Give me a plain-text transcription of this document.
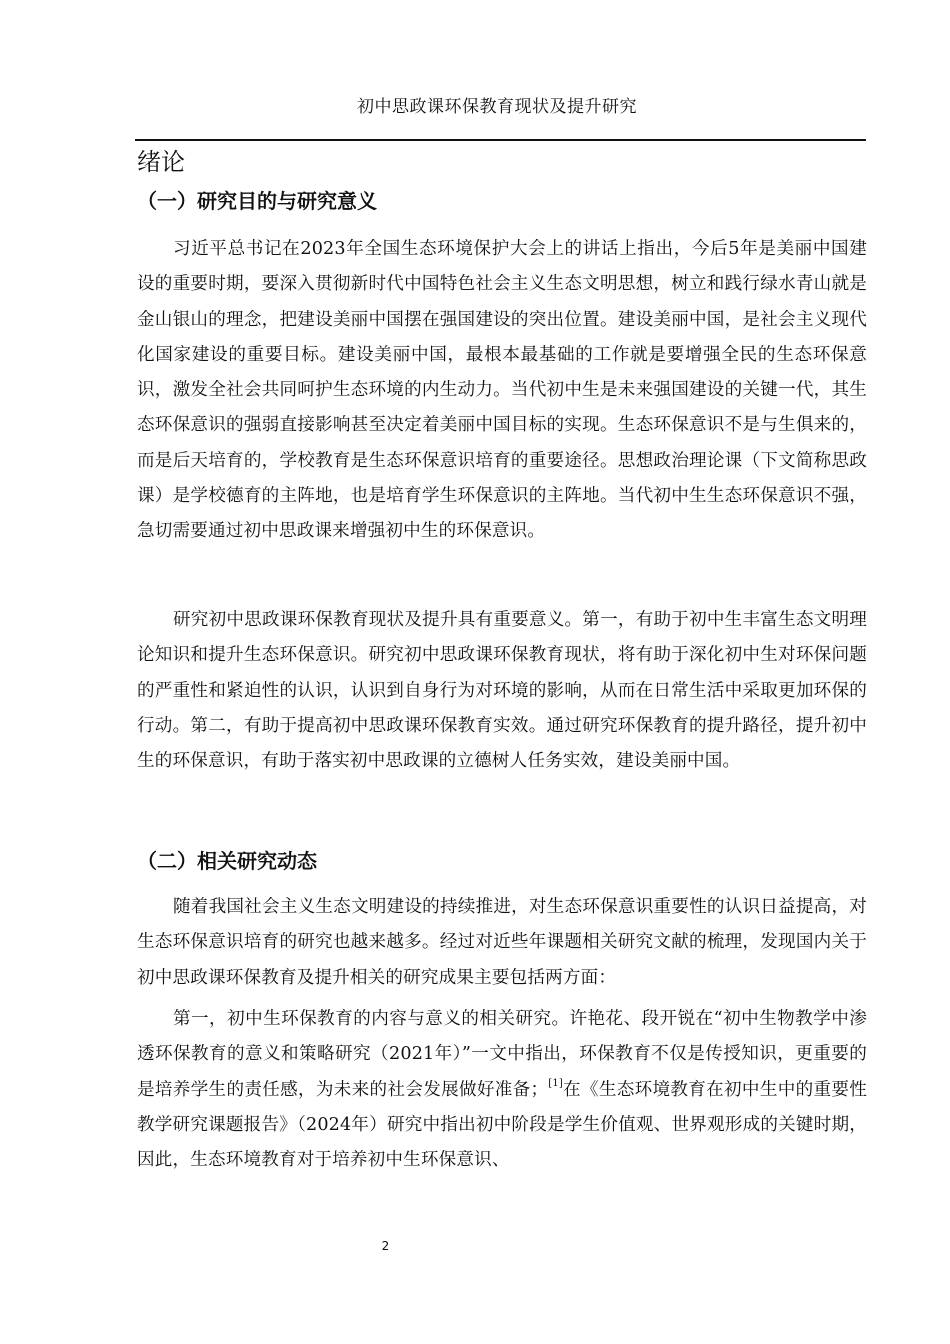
初中思政课环保教育现状及提升研究
绪论
（一）研究目的与研究意义

习近平总书记在2023年全国生态环境保护大会上的讲话上指出，今后5年是美丽中国建设的重要时期，要深入贯彻新时代中国特色社会主义生态文明思想，树立和践行绿水青山就是金山银山的理念，把建设美丽中国摆在强国建设的突出位置。建设美丽中国，是社会主义现代化国家建设的重要目标。建设美丽中国，最根本最基础的工作就是要增强全民的生态环保意识，激发全社会共同呵护生态环境的内生动力。当代初中生是未来强国建设的关键一代，其生态环保意识的强弱直接影响甚至决定着美丽中国目标的实现。生态环保意识不是与生俱来的，而是后天培育的，学校教育是生态环保意识培育的重要途径。思想政治理论课（下文简称思政课）是学校德育的主阵地，也是培育学生环保意识的主阵地。当代初中生生态环保意识不强，急切需要通过初中思政课来增强初中生的环保意识。

研究初中思政课环保教育现状及提升具有重要意义。第一，有助于初中生丰富生态文明理论知识和提升生态环保意识。研究初中思政课环保教育现状，将有助于深化初中生对环保问题的严重性和紧迫性的认识，认识到自身行为对环境的影响，从而在日常生活中采取更加环保的行动。第二，有助于提高初中思政课环保教育实效。通过研究环保教育的提升路径，提升初中生的环保意识，有助于落实初中思政课的立德树人任务实效，建设美丽中国。

（二）相关研究动态

随着我国社会主义生态文明建设的持续推进，对生态环保意识重要性的认识日益提高，对生态环保意识培育的研究也越来越多。经过对近些年课题相关研究文献的梳理，发现国内关于初中思政课环保教育及提升相关的研究成果主要包括两方面：

第一，初中生环保教育的内容与意义的相关研究。许艳花、段开锐在“初中生物教学中渗透环保教育的意义和策略研究（2021年）”一文中指出，环保教育不仅是传授知识，更重要的是培养学生的责任感，为未来的社会发展做好准备；[1]在《生态环境教育在初中生中的重要性教学研究课题报告》（2024年）研究中指出初中阶段是学生价值观、世界观形成的关键时期，因此，生态环境教育对于培养初中生环保意识、

2
